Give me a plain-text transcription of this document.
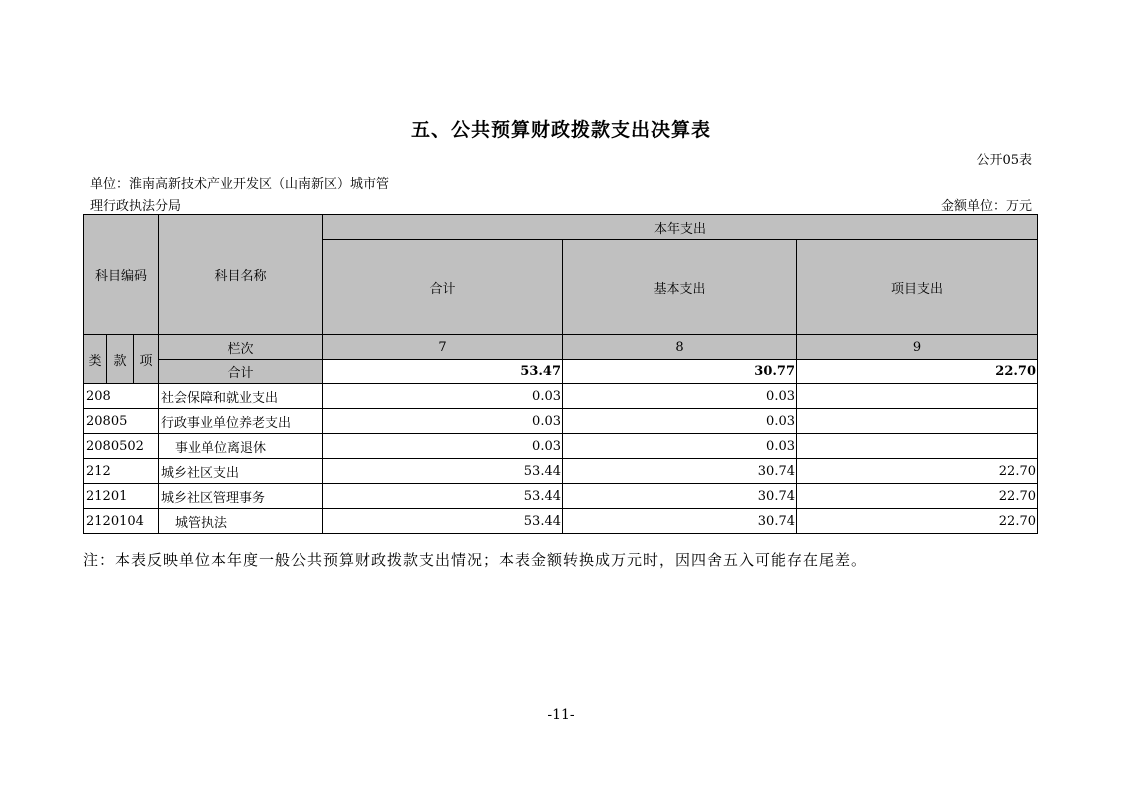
五、公共预算财政拨款支出决算表
公开05表
单位：淮南高新技术产业开发区（山南新区）城市管
理行政执法分局	金额单位：万元
科目编码			科目名称	本年支出		
				合计	基本支出	项目支出
类	款	项	栏次	7	8	9
			合计	53.47	30.77	22.70
208			社会保障和就业支出	0.03	0.03	
20805			行政事业单位养老支出	0.03	0.03	
2080502			事业单位离退休	0.03	0.03	
212			城乡社区支出	53.44	30.74	22.70
21201			城乡社区管理事务	53.44	30.74	22.70
2120104			城管执法	53.44	30.74	22.70
注：本表反映单位本年度一般公共预算财政拨款支出情况；本表金额转换成万元时，因四舍五入可能存在尾差。
-11-
